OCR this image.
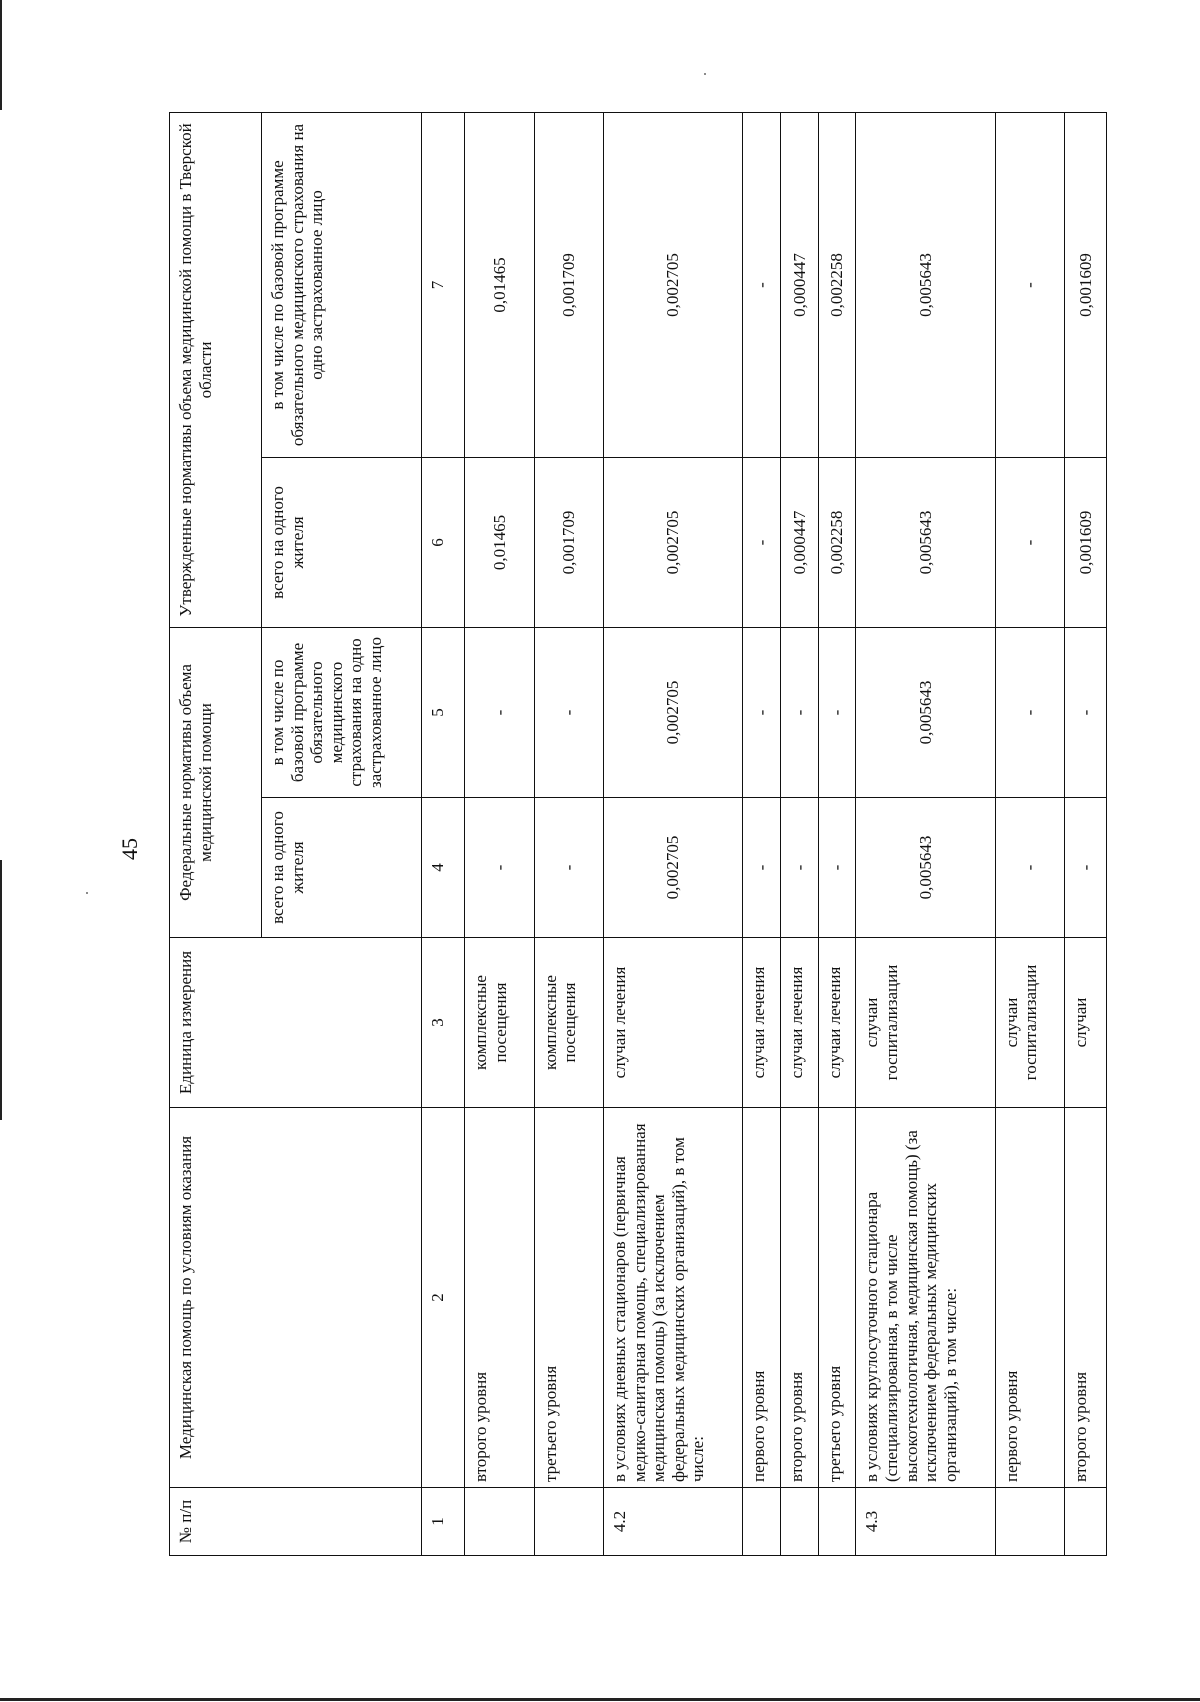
45
№ п/п	Медицинская помощь по условиям оказания	Единица измерения	Федеральные нормативы объема медицинской помощи		Утвержденные нормативы объема медицинской помощи в Тверской области	
			всего на одного жителя	в том числе по базовой программе обязательного медицинского страхования на одно застрахованное лицо	всего на одного жителя	в том числе по базовой программе обязательного медицинского страхования на одно застрахованное лицо
1	2	3	4	5	6	7
	второго уровня	комплексные посещения	-	-	0,01465	0,01465
	третьего уровня	комплексные посещения	-	-	0,001709	0,001709
4.2	в условиях дневных стационаров (первичная медико-санитарная помощь, специализированная медицинская помощь) (за исключением федеральных медицинских организаций), в том числе:	случаи лечения	0,002705	0,002705	0,002705	0,002705
	первого уровня	случаи лечения	-	-	-	-
	второго уровня	случаи лечения	-	-	0,000447	0,000447
	третьего уровня	случаи лечения	-	-	0,002258	0,002258
4.3	в условиях круглосуточного стационара (специализированная, в том числе высокотехнологичная, медицинская помощь) (за исключением федеральных медицинских организаций), в том числе:	случаи госпитализации	0,005643	0,005643	0,005643	0,005643
	первого уровня	случаи госпитализации	-	-	-	-
	второго уровня	случаи	-	-	0,001609	0,001609
